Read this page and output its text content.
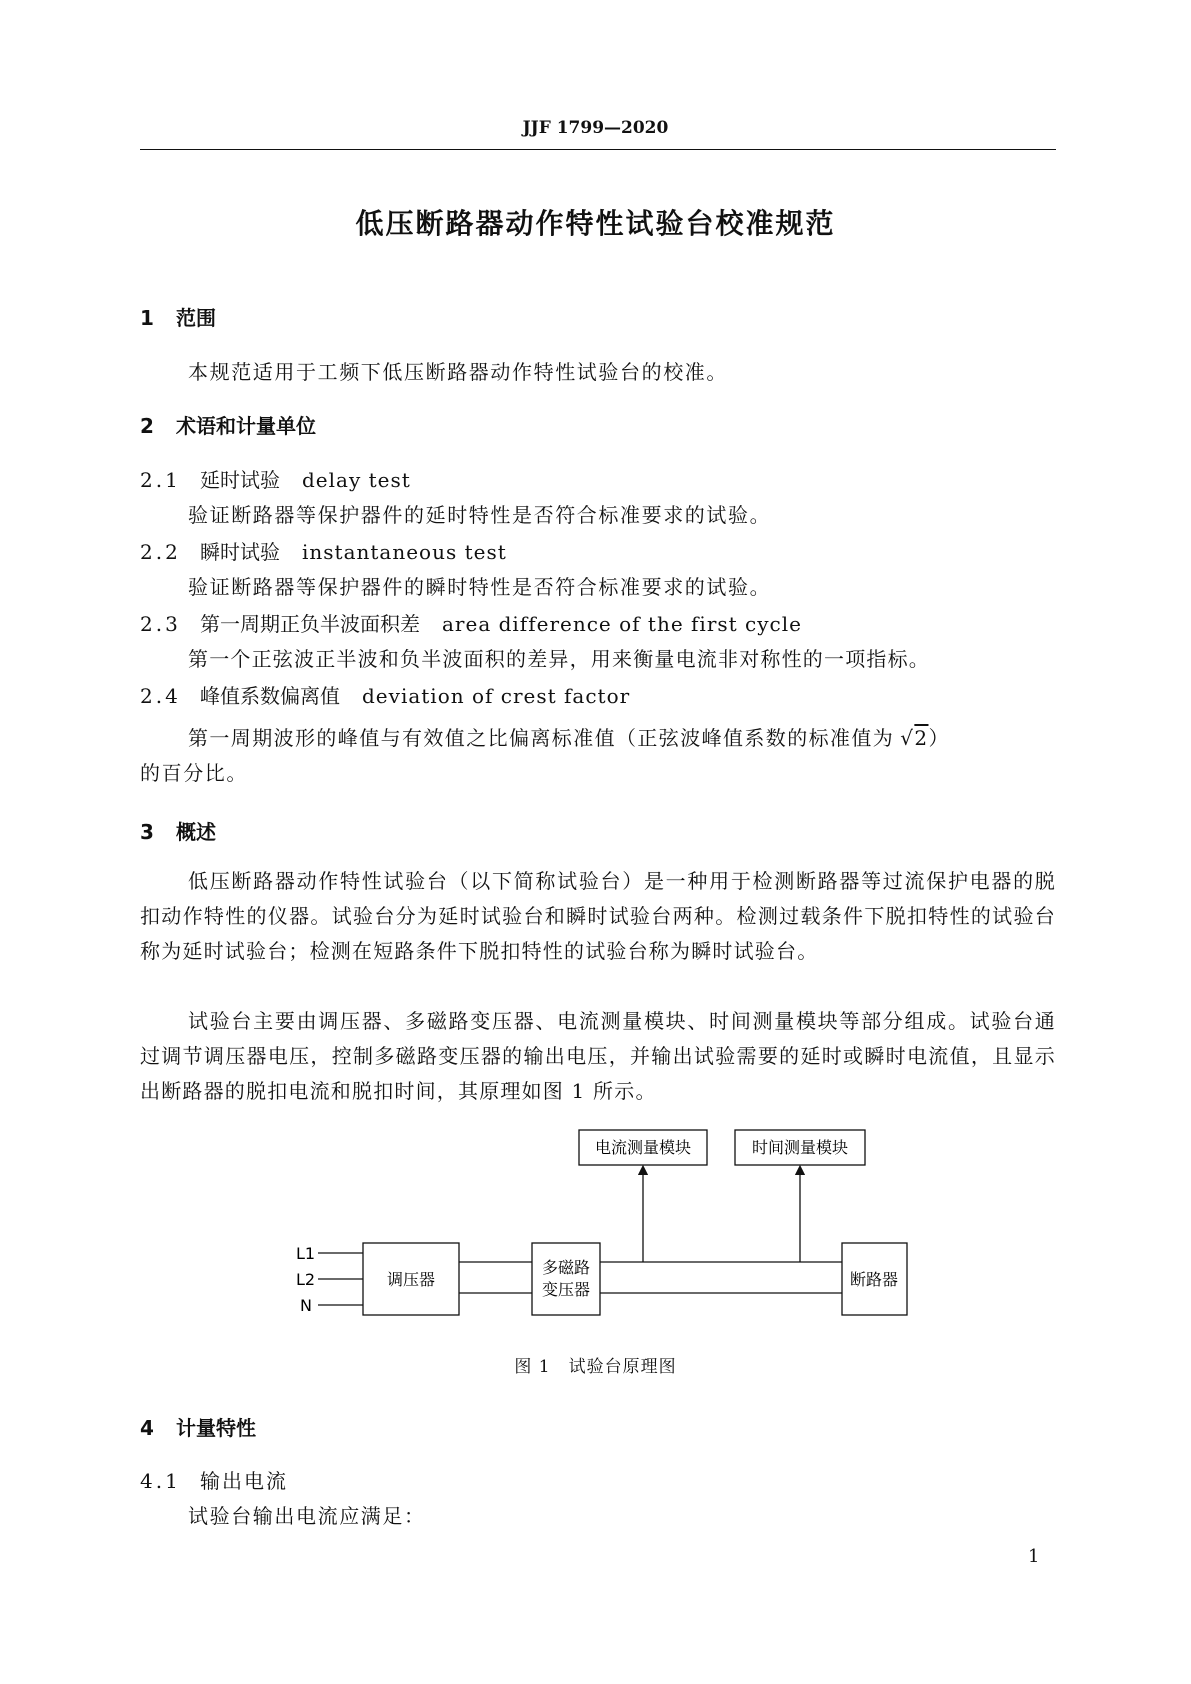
JJF 1799—2020
低压断路器动作特性试验台校准规范
1 范围
本规范适用于工频下低压断路器动作特性试验台的校准。
2 术语和计量单位
2.1 延时试验 delay test
验证断路器等保护器件的延时特性是否符合标准要求的试验。
2.2 瞬时试验 instantaneous test
验证断路器等保护器件的瞬时特性是否符合标准要求的试验。
2.3 第一周期正负半波面积差 area difference of the first cycle
第一个正弦波正半波和负半波面积的差异，用来衡量电流非对称性的一项指标。
2.4 峰值系数偏离值 deviation of crest factor
第一周期波形的峰值与有效值之比偏离标准值（正弦波峰值系数的标准值为 √2）
的百分比。
3 概述
低压断路器动作特性试验台（以下简称试验台）是一种用于检测断路器等过流保护电器的脱扣动作特性的仪器。试验台分为延时试验台和瞬时试验台两种。检测过载条件下脱扣特性的试验台称为延时试验台；检测在短路条件下脱扣特性的试验台称为瞬时试验台。
试验台主要由调压器、多磁路变压器、电流测量模块、时间测量模块等部分组成。试验台通过调节调压器电压，控制多磁路变压器的输出电压，并输出试验需要的延时或瞬时电流值，且显示出断路器的脱扣电流和脱扣时间，其原理如图 1 所示。
电流测量模块	时间测量模块
L1
L2
N
调压器
多磁路
变压器
断路器
图 1　试验台原理图
4 计量特性
4.1 输出电流
试验台输出电流应满足：
1
